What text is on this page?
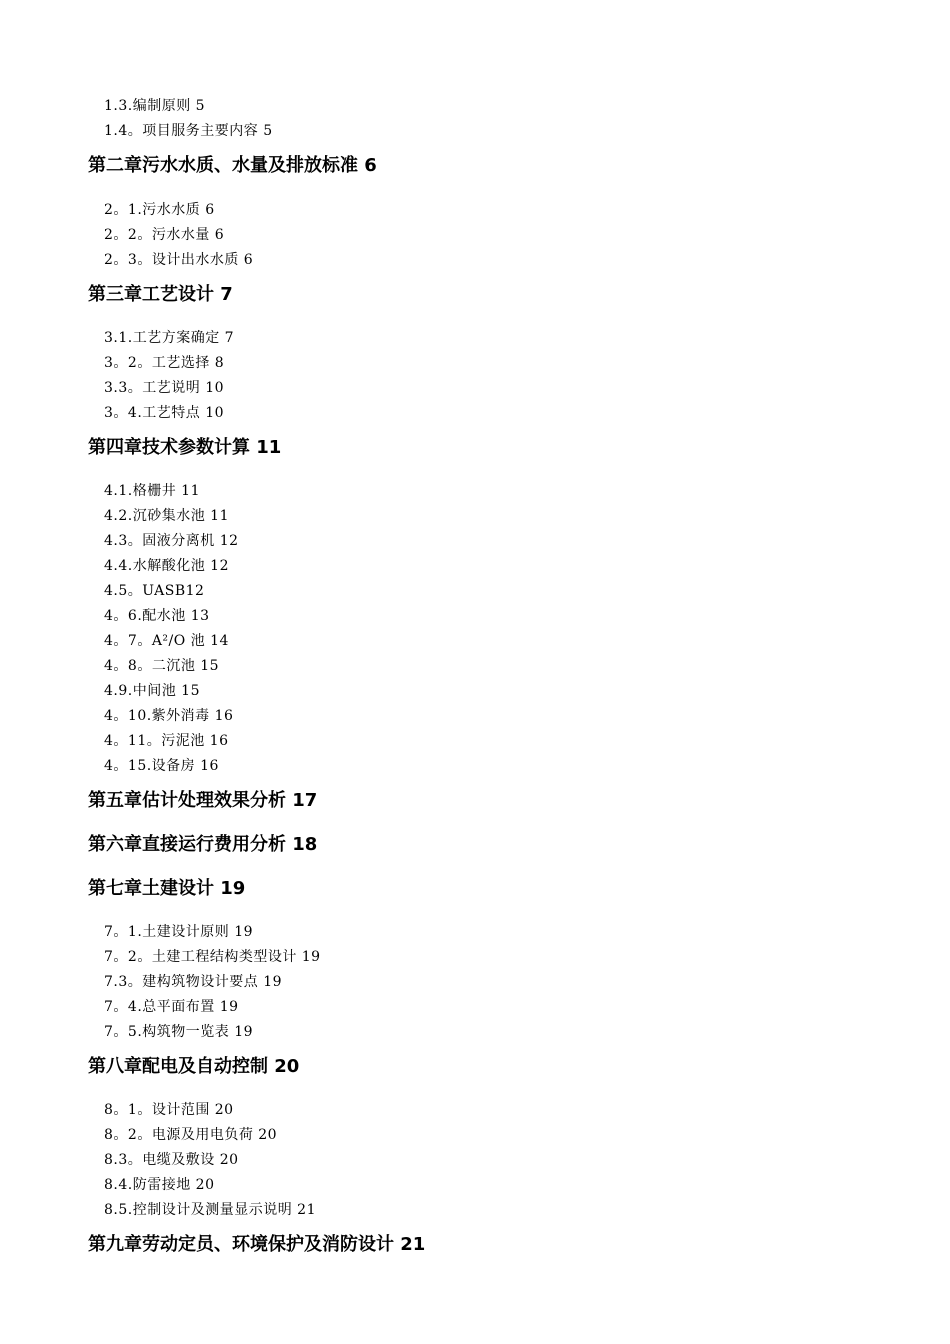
1.3.编制原则 5
1.4。项目服务主要内容 5
第二章污水水质、水量及排放标准 6
2。1.污水水质 6
2。2。污水水量 6
2。3。设计出水水质 6
第三章工艺设计 7
3.1.工艺方案确定 7
3。2。工艺选择 8
3.3。工艺说明 10
3。4.工艺特点 10
第四章技术参数计算 11
4.1.格栅井 11
4.2.沉砂集水池 11
4.3。固液分离机 12
4.4.水解酸化池 12
4.5。UASB12
4。6.配水池 13
4。7。A²/O 池 14
4。8。二沉池 15
4.9.中间池 15
4。10.紫外消毒 16
4。11。污泥池 16
4。15.设备房 16
第五章估计处理效果分析 17
第六章直接运行费用分析 18
第七章土建设计 19
7。1.土建设计原则 19
7。2。土建工程结构类型设计 19
7.3。建构筑物设计要点 19
7。4.总平面布置 19
7。5.构筑物一览表 19
第八章配电及自动控制 20
8。1。设计范围 20
8。2。电源及用电负荷 20
8.3。电缆及敷设 20
8.4.防雷接地 20
8.5.控制设计及测量显示说明 21
第九章劳动定员、环境保护及消防设计 21
